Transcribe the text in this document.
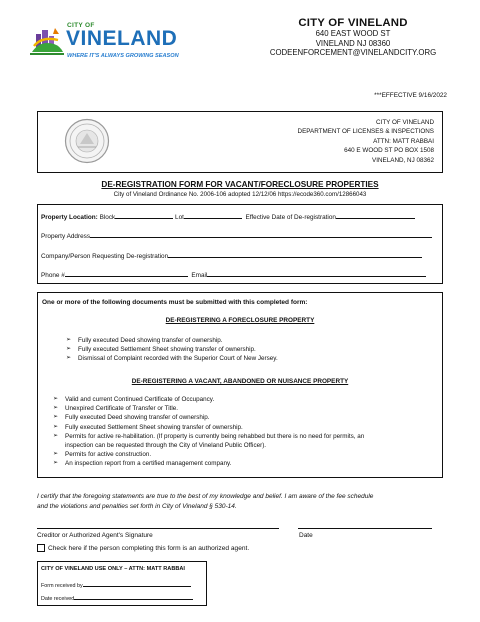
CITY OF
VINELAND
WHERE IT'S ALWAYS GROWING SEASON
CITY OF VINELAND
640 EAST WOOD ST
VINELAND NJ 08360
CODEENFORCEMENT@VINELANDCITY.ORG
***EFFECTIVE 9/16/2022
CITY OF VINELAND
DEPARTMENT OF LICENSES & INSPECTIONS
ATTN: MATT RABBAI
640 E WOOD ST PO BOX 1508
VINELAND, NJ 08362
DE-REGISTRATION FORM FOR VACANT/FORECLOSURE PROPERTIES
City of Vineland Ordinance No. 2006-106 adopted 12/12/06 https://ecode360.com/12866043
Property Location: Block	Lot	Effective Date of De-registration
Property Address
Company/Person Requesting De-registration
Phone #	Email
One or more of the following documents must be submitted with this completed form:
DE-REGISTERING A FORECLOSURE PROPERTY
➢ Fully executed Deed showing transfer of ownership.
➢ Fully executed Settlement Sheet showing transfer of ownership.
➢ Dismissal of Complaint recorded with the Superior Court of New Jersey.
DE-REGISTERING A VACANT, ABANDONED OR NUISANCE PROPERTY
➢ Valid and current Continued Certificate of Occupancy.
➢ Unexpired Certificate of Transfer or Title.
➢ Fully executed Deed showing transfer of ownership.
➢ Fully executed Settlement Sheet showing transfer of ownership.
➢ Permits for active re-habilitation. (If property is currently being rehabbed but there is no need for permits, an
inspection can be requested through the City of Vineland Public Officer).
➢ Permits for active construction.
➢ An inspection report from a certified management company.
I certify that the foregoing statements are true to the best of my knowledge and belief. I am aware of the fee schedule
and the violations and penalties set forth in City of Vineland § 530-14.
Creditor or Authorized Agent's Signature	Date
Check here if the person completing this form is an authorized agent.
CITY OF VINELAND USE ONLY – ATTN: MATT RABBAI
Form received by
Date received
